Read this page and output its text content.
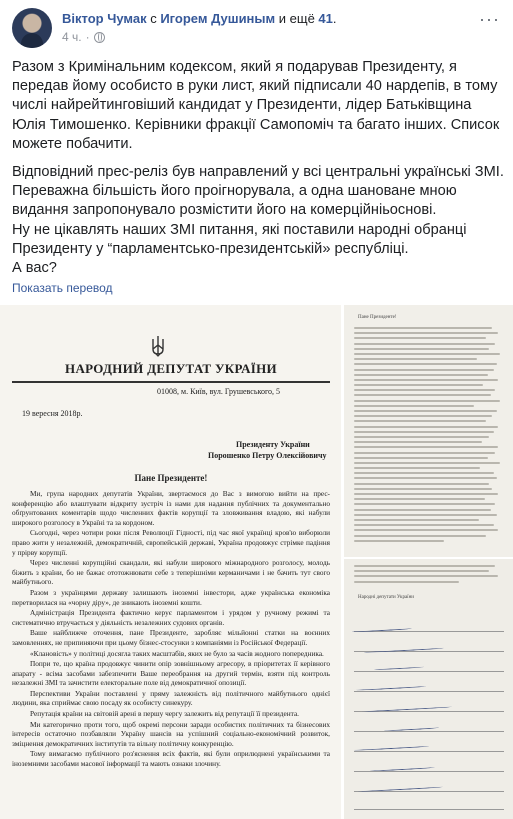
Віктор Чумак с Игорем Душиным и ещё 41.
4 ч. ·
···

Разом з Кримінальним кодексом, який я подарував Президенту, я передав йому особисто в руки лист, який підписали 40 нардепів, в тому числі найрейтинговіший кандидат у Президенти, лідер Батьківщина Юлія Тимошенко. Керівники фракції Самопоміч та багато інших. Список можете побачити.

Відповідний прес-реліз був направлений у всі центральні українські ЗМІ.

Переважна більшість його проігнорувала, а одна шановане мною видання запропонувало розмістити його на комерційніьоснові.

Ну не цікавлять наших ЗМІ питання, які поставили народні обранці Президенту у “парламентсько-президентській» республіці.

А вас?

Показать перевод
НАРОДНИЙ ДЕПУТАТ УКРАЇНИ
01008, м. Київ, вул. Грушевського, 5
19 вересня 2018р.
Президенту України
Порошенко Петру Олексійовичу
Пане Президенте!

Ми, група народних депутатів України, звертаємося до Вас з вимогою вийти на прес-конференцію або влаштувати відкриту зустріч із нами для надання публічних та документально обґрунтованих коментарів щодо численних фактів корупції та зловживання владою, які набули широкого розголосу в Україні та за кордоном.

Сьогодні, через чотири роки після Революції Гідності, під час якої українці кров'ю виборюли право жити у незалежній, демократичній, європейській державі, Україна продовжує стрімке падіння у прірву корупції.

Через численні корупційні скандали, які набули широкого міжнародного розголосу, молодь біжить з країни, бо не бажає ототожнювати себе з теперішніми керманичами і не бачить тут свого майбутнього.

Разом з українцями державу залишають іноземні інвестори, адже українська економіка перетворилася на «чорну діру», де зникають іноземні кошти.

Адміністрація Президента фактично керує парламентом і урядом у ручному режимі та систематично втручається у діяльність незалежних судових органів.

Ваше найближче оточення, пане Президенте, заробляє мільйонні статки на воєнних замовленнях, не припиняючи при цьому бізнес-стосунки з компаніями із Російської Федерації.

«Клановість» у політиці досягла таких масштабів, яких не було за часів жодного попередника.

Попри те, що країна продовжує чинити опір зовнішньому агресору, в пріоритетах її керівного апарату - всіма засобами забезпечити Ваше переобрання на другий термін, взяти під контроль незалежні ЗМІ та зачистити електоральне поле від демократичної опозиції.

Перспективи України поставлені у пряму залежність від політичного майбутнього однієї людини, яка сприймає свою посаду як особисту синекуру.

Репутація країни на світовій арені в першу чергу залежить від репутації її президента.

Ми категорично проти того, щоб окремі персони заради особистих політичних та бізнесових інтересів остаточно позбавляли Україну шансів на успішний соціально-економічний розвиток, зміцнення демократичних інститутів та вільну політичну конкуренцію.

Тому вимагаємо публічного роз'яснення всіх фактів, які були оприлюднені українськими та іноземними засобами масової інформації та мають ознаки злочину.

Пане Президенте!
Народні депутати України
